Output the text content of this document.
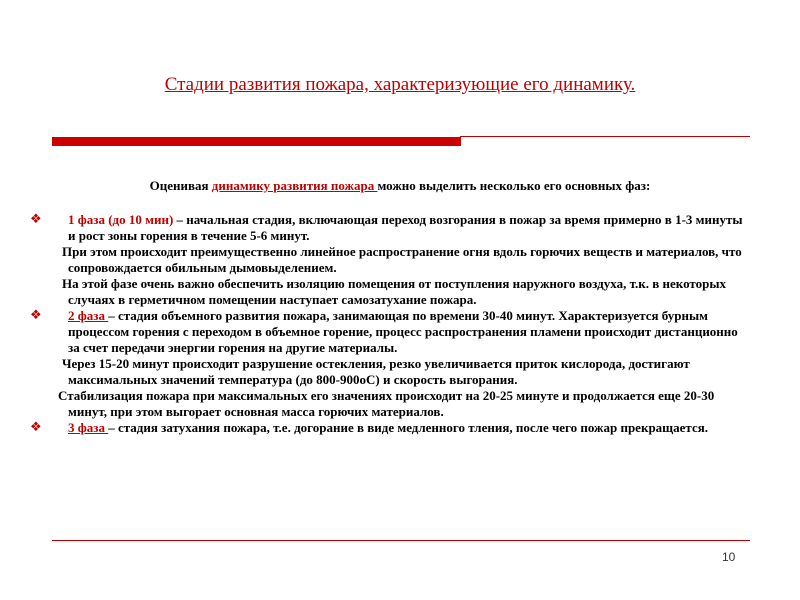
Стадии развития пожара, характеризующие его динамику.
Оценивая динамику развития пожара можно выделить несколько его основных фаз:

❖ 1 фаза (до 10 мин) – начальная стадия, включающая переход возгорания в пожар за время примерно в 1-3 минуты и рост зоны горения в течение 5-6 минут.

При этом происходит преимущественно линейное распространение огня вдоль горючих веществ и материалов, что сопровождается обильным дымовыделением.

На этой фазе очень важно обеспечить изоляцию помещения от поступления наружного воздуха, т.к. в некоторых случаях в герметичном помещении наступает самозатухание пожара.

❖ 2 фаза – стадия объемного развития пожара, занимающая по времени 30-40 минут. Характеризуется бурным процессом горения с переходом в объемное горение, процесс распространения пламени происходит дистанционно за счет передачи энергии горения на другие материалы.

Через 15-20 минут происходит разрушение остекления, резко увеличивается приток кислорода, достигают максимальных значений температура (до 800-900оС) и скорость выгорания.

Стабилизация пожара при максимальных его значениях происходит на 20-25 минуте и продолжается еще 20-30 минут, при этом выгорает основная масса горючих материалов.

❖ 3 фаза – стадия затухания пожара, т.е. догорание в виде медленного тления, после чего пожар прекращается.

10
